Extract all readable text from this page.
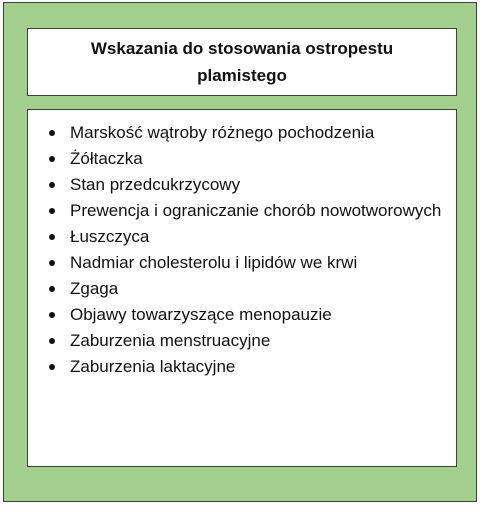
Wskazania do stosowania ostropestu plamistego

Marskość wątroby różnego pochodzenia
Żółtaczka
Stan przedcukrzycowy
Prewencja i ograniczanie chorób nowotworowych
Łuszczyca
Nadmiar cholesterolu i lipidów we krwi
Zgaga
Objawy towarzyszące menopauzie
Zaburzenia menstruacyjne
Zaburzenia laktacyjne
